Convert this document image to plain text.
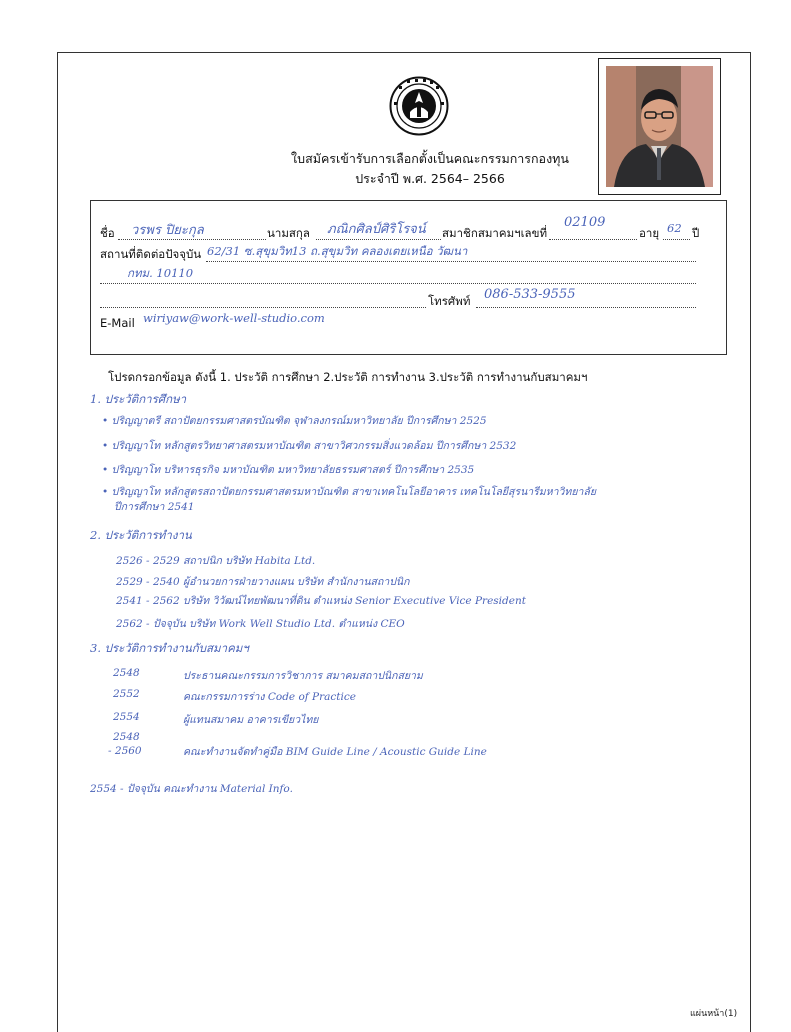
ใบสมัครเข้ารับการเลือกตั้งเป็นคณะกรรมการกองทุน
ประจำปี พ.ศ. 2564– 2566
ชื่อ วรพร ปิยะกุล	นามสกุล ภณิกศิลป์ศิริโรจน์ สมาชิกสมาคมฯเลขที่
02109
อายุ 62 ปี
สถานที่ติดต่อปัจจุบัน 62/31 ซ.สุขุมวิท13 ถ.สุขุมวิท คลองเตยเหนือ วัฒนา
กทม. 10110
โทรศัพท์ 086-533-9555
E-Mail wiriyaw@work-well-studio.com
โปรดกรอกข้อมูล ดังนี้ 1. ประวัติ การศึกษา 2.ประวัติ การทำงาน 3.ประวัติ การทำงานกับสมาคมฯ
1. ประวัติการศึกษา
• ปริญญาตรี สถาปัตยกรรมศาสตรบัณฑิต จุฬาลงกรณ์มหาวิทยาลัย ปีการศึกษา 2525
• ปริญญาโท หลักสูตรวิทยาศาสตรมหาบัณฑิต สาขาวิศวกรรมสิ่งแวดล้อม ปีการศึกษา 2532
• ปริญญาโท บริหารธุรกิจ มหาบัณฑิต มหาวิทยาลัยธรรมศาสตร์ ปีการศึกษา 2535
• ปริญญาโท หลักสูตรสถาปัตยกรรมศาสตรมหาบัณฑิต สาขาเทคโนโลยีอาคาร เทคโนโลยีสุรนารีมหาวิทยาลัย
ปีการศึกษา 2541
2. ประวัติการทำงาน
2526 - 2529 สถาปนิก บริษัท Habita Ltd.
2529 - 2540 ผู้อำนวยการฝ่ายวางแผน บริษัท สำนักงานสถาปนิก
2541 - 2562 บริษัท วิวัฒน์ไทยพัฒนาที่ดิน ตำแหน่ง Senior Executive Vice President
2562 - ปัจจุบัน บริษัท Work Well Studio Ltd. ตำแหน่ง CEO
3. ประวัติการทำงานกับสมาคมฯ
2548	ประธานคณะกรรมการวิชาการ สมาคมสถาปนิกสยาม
2552	คณะกรรมการร่าง Code of Practice
2554	ผู้แทนสมาคม อาคารเขียวไทย
2548
- 2560	คณะทำงานจัดทำคู่มือ BIM Guide Line / Acoustic Guide Line
2554 - ปัจจุบัน คณะทำงาน Material Info.
แผ่นหน้า(1)
